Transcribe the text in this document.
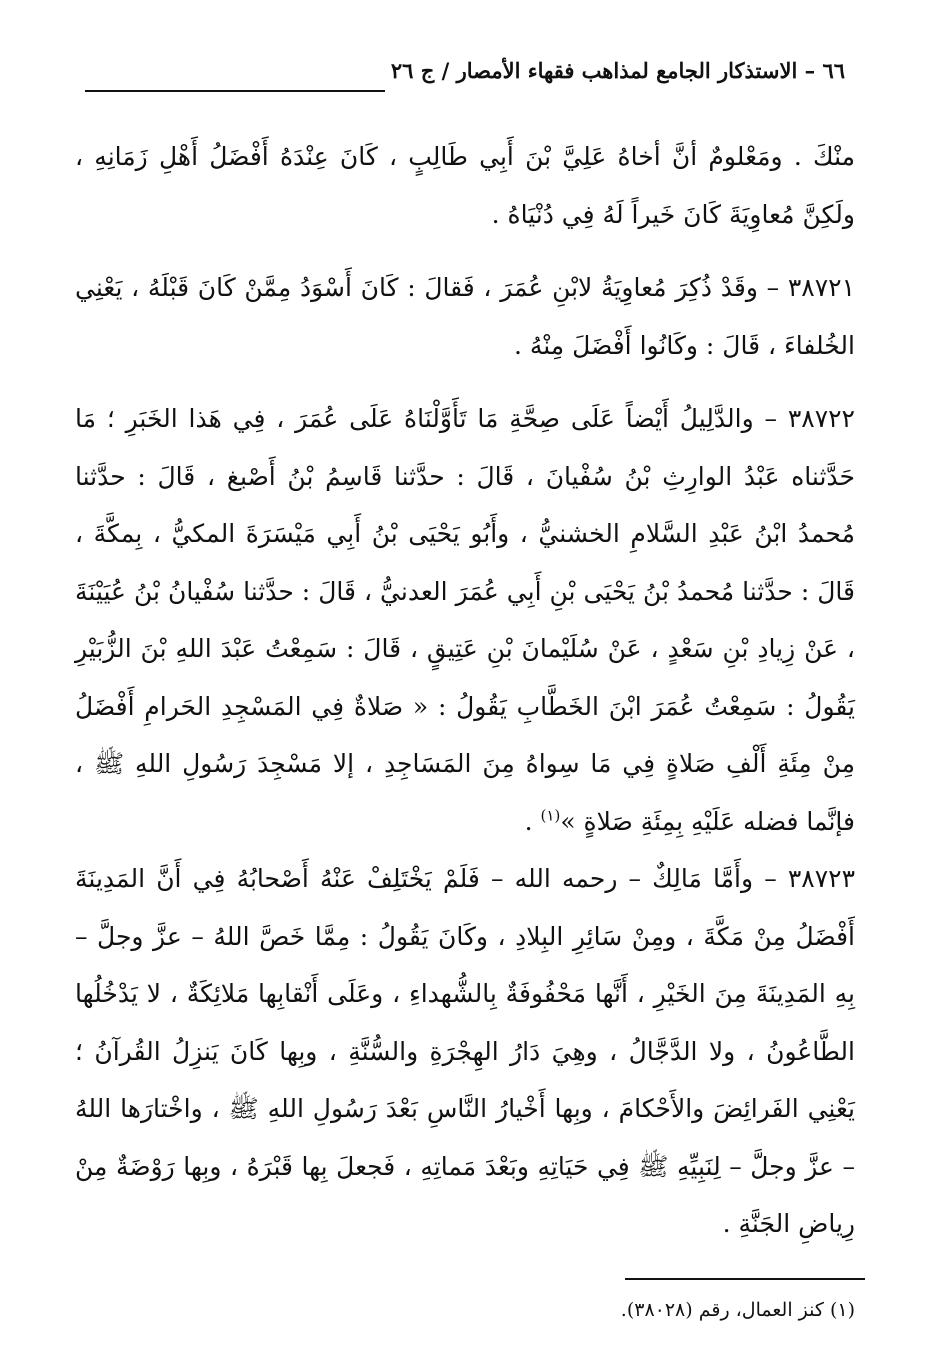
٦٦ – الاستذكار الجامع لمذاهب فقهاء الأمصار / ج ٢٦

منْكَ . ومَعْلومٌ أنَّ أخاهُ عَلِيَّ بْنَ أَبِي طَالِبٍ ، كَانَ عِنْدَهُ أَفْضَلُ أَهْلِ زَمَانِهِ ، ولَكِنَّ مُعاوِيَةَ كَانَ خَيراً لَهُ فِي دُنْيَاهُ .

٣٨٧٢١ – وقَدْ ذُكِرَ مُعاوِيَةُ لابْنِ عُمَرَ ، فَقالَ : كَانَ أَسْوَدُ مِمَّنْ كَانَ قَبْلَهُ ، يَعْنِي الخُلفاءَ ، قَالَ : وكَانُوا أَفْضَلَ مِنْهُ .

٣٨٧٢٢ – والدَّلِيلُ أَيْضاً عَلَى صِحَّةِ مَا تَأَوَّلْنَاهُ عَلَى عُمَرَ ، فِي هَذا الخَبَرِ ؛ مَا حَدَّثناه عَبْدُ الوارِثِ بْنُ سُفْيانَ ، قَالَ : حدَّثنا قَاسِمُ بْنُ أَصْبغ ، قَالَ : حدَّثنا مُحمدُ ابْنُ عَبْدِ السَّلامِ الخشنيُّ ، وأَبُو يَحْيَى بْنُ أَبِي مَيْسَرَةَ المكيُّ ، بِمكَّةَ ، قَالَ : حدَّثنا مُحمدُ بْنُ يَحْيَى بْنِ أَبِي عُمَرَ العدنيُّ ، قَالَ : حدَّثنا سُفْيانُ بْنُ عُيَيْنَةَ ، عَنْ زِيادِ بْنِ سَعْدٍ ، عَنْ سُلَيْمانَ بْنِ عَتِيقٍ ، قَالَ : سَمِعْتُ عَبْدَ اللهِ بْنَ الزُّبَيْرِ يَقُولُ : سَمِعْتُ عُمَرَ ابْنَ الخَطَّابِ يَقُولُ : « صَلاةٌ فِي المَسْجِدِ الحَرامِ أَفْضَلُ مِنْ مِئَةِ أَلْفِ صَلاةٍ فِي مَا سِواهُ مِنَ المَسَاجِدِ ، إلا مَسْجِدَ رَسُولِ اللهِ ﷺ ، فإنَّما فضله عَلَيْهِ بِمِئَةِ صَلاةٍ »$^{(١)}$ .

٣٨٧٢٣ – وأَمَّا مَالِكٌ – رحمه الله – فَلَمْ يَخْتَلِفْ عَنْهُ أَصْحابُهُ فِي أَنَّ المَدِينَةَ أَفْضَلُ مِنْ مَكَّةَ ، ومِنْ سَائِرِ البِلادِ ، وكَانَ يَقُولُ : مِمَّا خَصَّ اللهُ – عزَّ وجلَّ – بِهِ المَدِينَةَ مِنَ الخَيْرِ ، أَنَّها مَحْفُوفَةٌ بِالشُّهداءِ ، وعَلَى أَنْقابِها مَلائِكَةٌ ، لا يَدْخُلُها الطَّاعُونُ ، ولا الدَّجَّالُ ، وهِيَ دَارُ الهِجْرَةِ والسُّنَّةِ ، وبِها كَانَ يَنزِلُ القُرآنُ ؛ يَعْنِي الفَرائِضَ والأَحْكامَ ، وبِها أَخْيارُ النَّاسِ بَعْدَ رَسُولِ اللهِ ﷺ ، واخْتارَها اللهُ – عزَّ وجلَّ – لِنَبِيِّهِ ﷺ فِي حَيَاتِهِ وبَعْدَ مَماتِهِ ، فَجعلَ بِها قَبْرَهُ ، وبِها رَوْضَةٌ مِنْ رِياضِ الجَنَّةِ .

(١) كنز العمال، رقم (٣٨٠٢٨).
